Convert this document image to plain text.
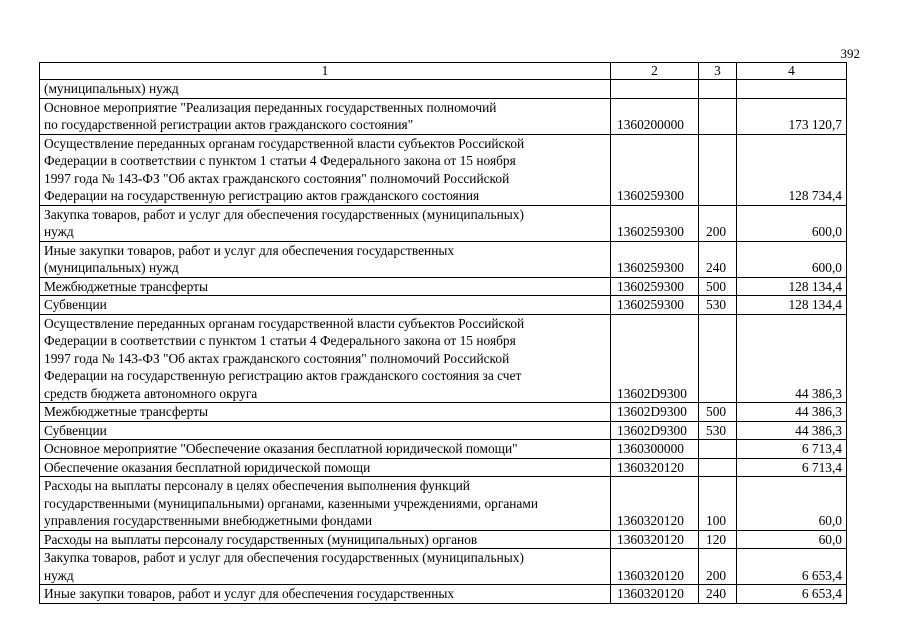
392
1	2	3	4
(муниципальных) нужд			
Основное мероприятие "Реализация переданных государственных полномочий
по государственной регистрации актов гражданского состояния"	1360200000		173 120,7
Осуществление переданных органам государственной власти субъектов Российской
Федерации в соответствии с пунктом 1 статьи 4 Федерального закона от 15 ноября
1997 года № 143-ФЗ "Об актах гражданского состояния" полномочий Российской
Федерации на государственную регистрацию актов гражданского состояния	1360259300		128 734,4
Закупка товаров, работ и услуг для обеспечения государственных (муниципальных)
нужд	1360259300	200	600,0
Иные закупки товаров, работ и услуг для обеспечения государственных
(муниципальных) нужд	1360259300	240	600,0
Межбюджетные трансферты	1360259300	500	128 134,4
Субвенции	1360259300	530	128 134,4
Осуществление переданных органам государственной власти субъектов Российской
Федерации в соответствии с пунктом 1 статьи 4 Федерального закона от 15 ноября
1997 года № 143-ФЗ "Об актах гражданского состояния" полномочий Российской
Федерации на государственную регистрацию актов гражданского состояния за счет
средств бюджета автономного округа	13602D9300		44 386,3
Межбюджетные трансферты	13602D9300	500	44 386,3
Субвенции	13602D9300	530	44 386,3
Основное мероприятие "Обеспечение оказания бесплатной юридической помощи"	1360300000		6 713,4
Обеспечение оказания бесплатной юридической помощи	1360320120		6 713,4
Расходы на выплаты персоналу в целях обеспечения выполнения функций
государственными (муниципальными) органами, казенными учреждениями, органами
управления государственными внебюджетными фондами	1360320120	100	60,0
Расходы на выплаты персоналу государственных (муниципальных) органов	1360320120	120	60,0
Закупка товаров, работ и услуг для обеспечения государственных (муниципальных)
нужд	1360320120	200	6 653,4
Иные закупки товаров, работ и услуг для обеспечения государственных	1360320120	240	6 653,4
